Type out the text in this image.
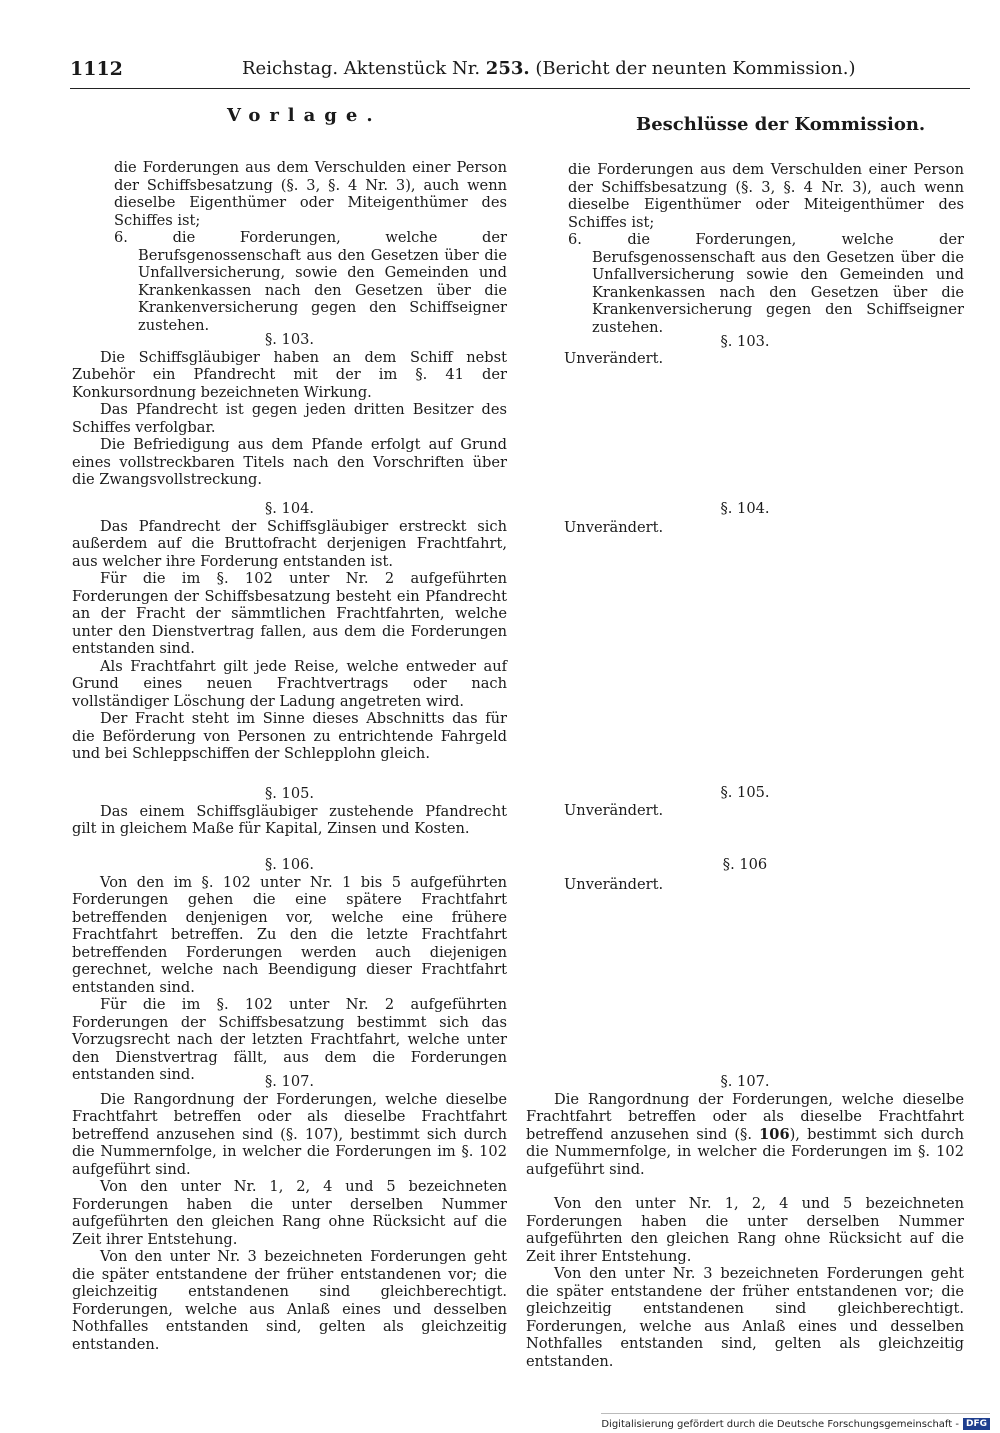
1112	Reichstag. Aktenstück Nr. 253. (Bericht der neunten Kommission.)
Vorlage.

die Forderungen aus dem Verschulden einer Person der Schiffsbesatzung (§. 3, §. 4 Nr. 3), auch wenn dieselbe Eigenthümer oder Miteigenthümer des Schiffes ist;

6. die Forderungen, welche der Berufsgenossenschaft aus den Gesetzen über die Unfallversicherung, sowie den Gemeinden und Krankenkassen nach den Gesetzen über die Krankenversicherung gegen den Schiffseigner zustehen.

§. 103.

Die Schiffsgläubiger haben an dem Schiff nebst Zubehör ein Pfandrecht mit der im §. 41 der Konkursordnung bezeichneten Wirkung.

Das Pfandrecht ist gegen jeden dritten Besitzer des Schiffes verfolgbar.

Die Befriedigung aus dem Pfande erfolgt auf Grund eines vollstreckbaren Titels nach den Vorschriften über die Zwangsvollstreckung.

§. 104.

Das Pfandrecht der Schiffsgläubiger erstreckt sich außerdem auf die Bruttofracht derjenigen Frachtfahrt, aus welcher ihre Forderung entstanden ist.

Für die im §. 102 unter Nr. 2 aufgeführten Forderungen der Schiffsbesatzung besteht ein Pfandrecht an der Fracht der sämmtlichen Frachtfahrten, welche unter den Dienstvertrag fallen, aus dem die Forderungen entstanden sind.

Als Frachtfahrt gilt jede Reise, welche entweder auf Grund eines neuen Frachtvertrags oder nach vollständiger Löschung der Ladung angetreten wird.

Der Fracht steht im Sinne dieses Abschnitts das für die Beförderung von Personen zu entrichtende Fahrgeld und bei Schleppschiffen der Schlepplohn gleich.

§. 105.

Das einem Schiffsgläubiger zustehende Pfandrecht gilt in gleichem Maße für Kapital, Zinsen und Kosten.

§. 106.

Von den im §. 102 unter Nr. 1 bis 5 aufgeführten Forderungen gehen die eine spätere Frachtfahrt betreffenden denjenigen vor, welche eine frühere Frachtfahrt betreffen. Zu den die letzte Frachtfahrt betreffenden Forderungen werden auch diejenigen gerechnet, welche nach Beendigung dieser Frachtfahrt entstanden sind.

Für die im §. 102 unter Nr. 2 aufgeführten Forderungen der Schiffsbesatzung bestimmt sich das Vorzugsrecht nach der letzten Frachtfahrt, welche unter den Dienstvertrag fällt, aus dem die Forderungen entstanden sind.	§. 107.

Die Rangordnung der Forderungen, welche dieselbe Frachtfahrt betreffen oder als dieselbe Frachtfahrt betreffend anzusehen sind (§. 107), bestimmt sich durch die Nummernfolge, in welcher die Forderungen im §. 102 aufgeführt sind.

Von den unter Nr. 1, 2, 4 und 5 bezeichneten Forderungen haben die unter derselben Nummer aufgeführten den gleichen Rang ohne Rücksicht auf die Zeit ihrer Entstehung.

Von den unter Nr. 3 bezeichneten Forderungen geht die später entstandene der früher entstandenen vor; die gleichzeitig entstandenen sind gleichberechtigt. Forderungen, welche aus Anlaß eines und desselben Nothfalles entstanden sind, gelten als gleichzeitig entstanden.

Beschlüsse der Kommission.

die Forderungen aus dem Verschulden einer Person der Schiffsbesatzung (§. 3, §. 4 Nr. 3), auch wenn dieselbe Eigenthümer oder Miteigenthümer des Schiffes ist;

6. die Forderungen, welche der Berufsgenossenschaft aus den Gesetzen über die Unfallversicherung sowie den Gemeinden und Krankenkassen nach den Gesetzen über die Krankenversicherung gegen den Schiffseigner zustehen.

§. 103.

Unverändert.

§. 104.

Unverändert.

§. 105.

Unverändert.

§. 106

Unverändert.

§. 107.

Die Rangordnung der Forderungen, welche dieselbe Frachtfahrt betreffen oder als dieselbe Frachtfahrt betreffend anzusehen sind (§. 106), bestimmt sich durch die Nummernfolge, in welcher die Forderungen im §. 102 aufgeführt sind.

Von den unter Nr. 1, 2, 4 und 5 bezeichneten Forderungen haben die unter derselben Nummer aufgeführten den gleichen Rang ohne Rücksicht auf die Zeit ihrer Entstehung.

Von den unter Nr. 3 bezeichneten Forderungen geht die später entstandene der früher entstandenen vor; die gleichzeitig entstandenen sind gleichberechtigt. Forderungen, welche aus Anlaß eines und desselben Nothfalles entstanden sind, gelten als gleichzeitig entstanden.

Digitalisierung gefördert durch die Deutsche Forschungsgemeinschaft - DFG
